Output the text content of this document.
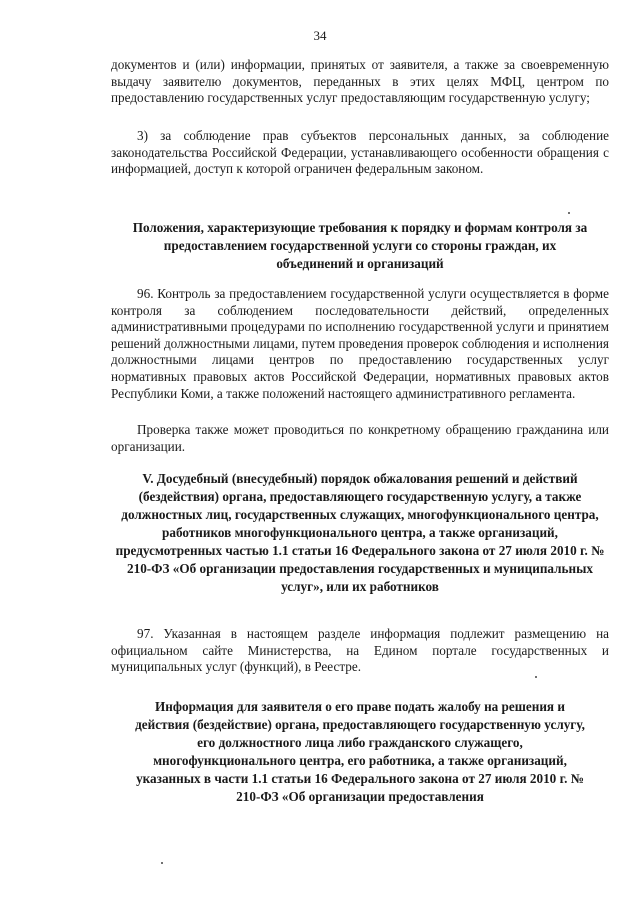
34

документов и (или) информации, принятых от заявителя, а также за своевременную выдачу заявителю документов, переданных в этих целях МФЦ, центром по предоставлению государственных услуг предоставляющим государственную услугу;

3) за соблюдение прав субъектов персональных данных, за соблюдение законодательства Российской Федерации, устанавливающего особенности обращения с информацией, доступ к которой ограничен федеральным законом.

Положения, характеризующие требования к порядку и формам контроля за предоставлением государственной услуги со стороны граждан, их объединений и организаций

96. Контроль за предоставлением государственной услуги осуществляется в форме контроля за соблюдением последовательности действий, определенных административными процедурами по исполнению государственной услуги и принятием решений должностными лицами, путем проведения проверок соблюдения и исполнения должностными лицами центров по предоставлению государственных услуг нормативных правовых актов Российской Федерации, нормативных правовых актов Республики Коми, а также положений настоящего административного регламента.

Проверка также может проводиться по конкретному обращению гражданина или организации.

V. Досудебный (внесудебный) порядок обжалования решений и действий (бездействия) органа, предоставляющего государственную услугу, а также должностных лиц, государственных служащих, многофункционального центра, работников многофункционального центра, а также организаций, предусмотренных частью 1.1 статьи 16 Федерального закона от 27 июля 2010 г. № 210-ФЗ «Об организации предоставления государственных и муниципальных услуг», или их работников

97. Указанная в настоящем разделе информация подлежит размещению на официальном сайте Министерства, на Едином портале государственных и муниципальных услуг (функций), в Реестре.

Информация для заявителя о его праве подать жалобу на решения и действия (бездействие) органа, предоставляющего государственную услугу, его должностного лица либо гражданского служащего, многофункционального центра, его работника, а также организаций, указанных в части 1.1 статьи 16 Федерального закона от 27 июля 2010 г. № 210-ФЗ «Об организации предоставления
